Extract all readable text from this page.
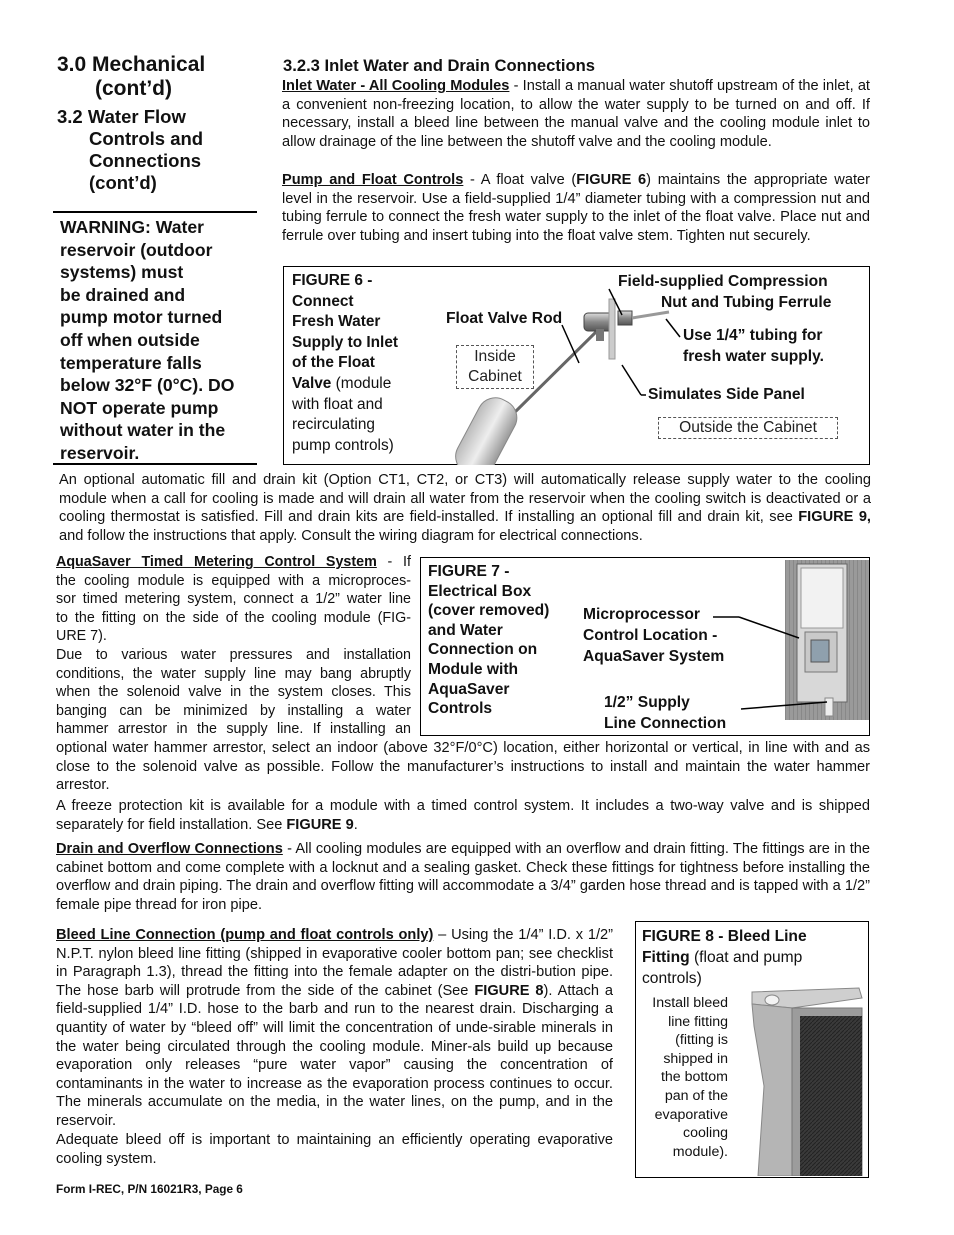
3.0 Mechanical
(cont’d)
3.2 Water Flow
Controls and
Connections
(cont’d)
WARNING: Water
reservoir (outdoor
systems) must
be drained and
pump motor turned
off when outside
temperature falls
below 32°F (0°C). DO
NOT operate pump
without water in the
reservoir.
3.2.3 Inlet Water and Drain Connections
Inlet Water - All Cooling Modules - Install a manual water shutoff upstream of the inlet, at a convenient non-freezing location, to allow the water supply to be turned on and off. If necessary, install a bleed line between the manual valve and the cooling module inlet to allow drainage of the line between the shutoff valve and the cooling module.
Pump and Float Controls - A float valve (FIGURE 6) maintains the appropriate water level in the reservoir. Use a field-supplied 1/4” diameter tubing with a compression nut and tubing ferrule to connect the fresh water supply to the inlet of the float valve. Place nut and ferrule over tubing and insert tubing into the float valve stem. Tighten nut securely.
FIGURE 6 -
Connect
Fresh Water
Supply to Inlet
of the Float
Valve (module
with float and
recirculating
pump controls)
Float Valve Rod
Inside
Cabinet
Field-supplied Compression
Nut and Tubing Ferrule
Use 1/4” tubing for
fresh water supply.
Simulates Side Panel
Outside the Cabinet
An optional automatic fill and drain kit (Option CT1, CT2, or CT3) will automatically release supply water to the cooling module when a call for cooling is made and will drain all water from the reservoir when the cooling switch is deactivated or a cooling thermostat is satisfied. Fill and drain kits are field-installed. If installing an optional fill and drain kit, see FIGURE 9, and follow the instructions that apply. Consult the wiring diagram for electrical connections.
AquaSaver Timed Metering Control System - If
the cooling module is equipped with a microproces-
sor timed metering system, connect a 1/2” water line
to the fitting on the side of the cooling module (FIG-
URE 7).
Due to various water pressures and installation
conditions, the water supply line may bang abruptly
when the solenoid valve in the system closes. This
banging can be minimized by installing a water
hammer arrestor in the supply line. If installing an
FIGURE 7 -
Electrical Box
(cover removed)
and Water
Connection on
Module with
AquaSaver
Controls
Microprocessor
Control Location -
AquaSaver System
1/2” Supply
Line Connection
optional water hammer arrestor, select an indoor (above 32°F/0°C) location, either horizontal or vertical, in line with and as close to the solenoid valve as possible. Follow the manufacturer’s instructions to install and maintain the water hammer arrestor.
A freeze protection kit is available for a module with a timed control system. It includes a two-way valve and is shipped separately for field installation. See FIGURE 9.
Drain and Overflow Connections - All cooling modules are equipped with an overflow and drain fitting. The fittings are in the cabinet bottom and come complete with a locknut and a sealing gasket. Check these fittings for tightness before installing the overflow and drain piping. The drain and overflow fitting will accommodate a 3/4” garden hose thread and is tapped with a 1/2” female pipe thread for iron pipe.
Bleed Line Connection (pump and float controls only) – Using the 1/4” I.D. x 1/2” N.P.T. nylon bleed line fitting (shipped in evaporative cooler bottom pan; see checklist in Paragraph 1.3), thread the fitting into the female adapter on the distri-bution pipe. The hose barb will protrude from the side of the cabinet (See FIGURE 8). Attach a field-supplied 1/4” I.D. hose to the barb and run to the nearest drain. Discharging a quantity of water by “bleed off” will limit the concentration of unde-sirable minerals in the water being circulated through the cooling module. Miner-als build up because evaporation only releases “pure water vapor” causing the concentration of contaminants in the water to increase as the evaporation process continues to occur. The minerals accumulate on the media, in the water lines, on the pump, and in the reservoir.
Adequate bleed off is important to maintaining an efficiently operating evaporative cooling system.
FIGURE 8 - Bleed Line
Fitting (float and pump
controls)
Install bleed
line fitting
(fitting is
shipped in
the bottom
pan of the
evaporative
cooling
module).
Form I-REC, P/N 16021R3, Page 6
